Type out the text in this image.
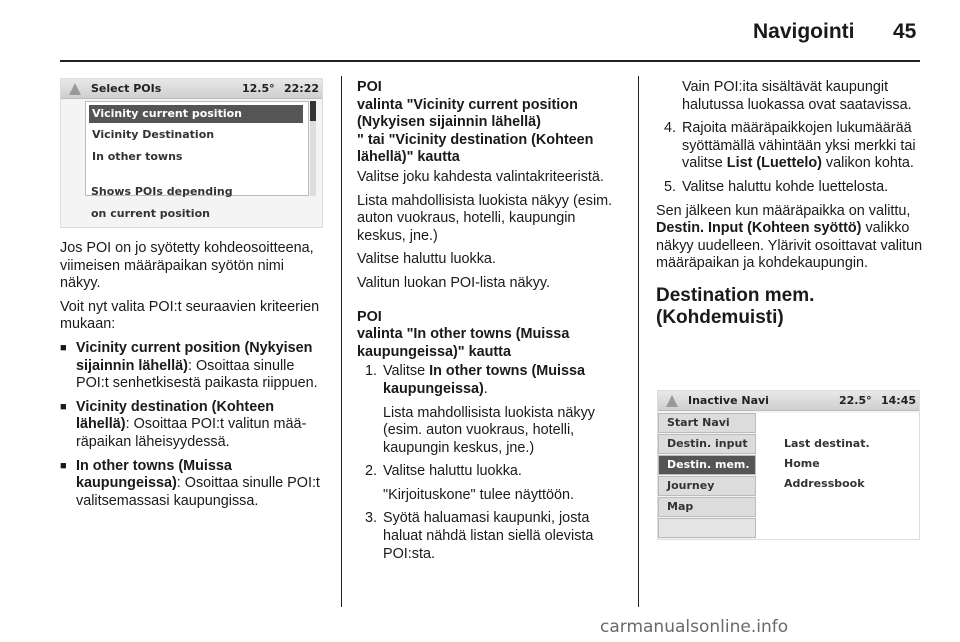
Navigointi 45
Select POIs	12.5° 22:22
Vicinity current position
Vicinity Destination
In other towns
Shows POIs depending
on current position

Jos POI on jo syötetty kohdeosoitteena, viimeisen määräpaikan syötön nimi näkyy.

Voit nyt valita POI:t seuraavien kriteerien mukaan:

■ Vicinity current position (Nykyisen sijainnin lähellä): Osoittaa sinulle POI:t senhetkisestä paikasta riippuen.
■ Vicinity destination (Kohteen lähellä): Osoittaa POI:t valitun määräpaikan läheisyydessä.
■ In other towns (Muissa kaupungeissa): Osoittaa sinulle POI:t valitsemassasi kaupungissa.
POI
valinta "Vicinity current position (Nykyisen sijainnin lähellä)
" tai "Vicinity destination (Kohteen lähellä)" kautta

Valitse joku kahdesta valintakriteeristä.

Lista mahdollisista luokista näkyy (esim. auton vuokraus, hotelli, kaupungin keskus, jne.)

Valitse haluttu luokka.

Valitun luokan POI-lista näkyy.

POI
valinta "In other towns (Muissa kaupungeissa)" kautta
1. Valitse In other towns (Muissa kaupungeissa).
Lista mahdollisista luokista näkyy (esim. auton vuokraus, hotelli, kaupungin keskus, jne.)
2. Valitse haluttu luokka.
"Kirjoituskone" tulee näyttöön.
3. Syötä haluamasi kaupunki, josta haluat nähdä listan siellä olevista POI:sta.

Vain POI:ita sisältävät kaupungit halutussa luokassa ovat saatavissa.

4. Rajoita määräpaikkojen lukumäärää syöttämällä vähintään yksi merkki tai valitse List (Luettelo) valikon kohta.
5. Valitse haluttu kohde luettelosta.

Sen jälkeen kun määräpaikka on valittu, Destin. Input (Kohteen syöttö) valikko näkyy uudelleen. Ylärivit osoittavat valitun määräpaikan ja kohdekaupungin.

Destination mem. (Kohdemuisti)
Inactive Navi	22.5° 14:45
Start Navi
Destin. input
Destin. mem.
Journey
Map
Last destinat.
Home
Addressbook
carmanualsonline.info
